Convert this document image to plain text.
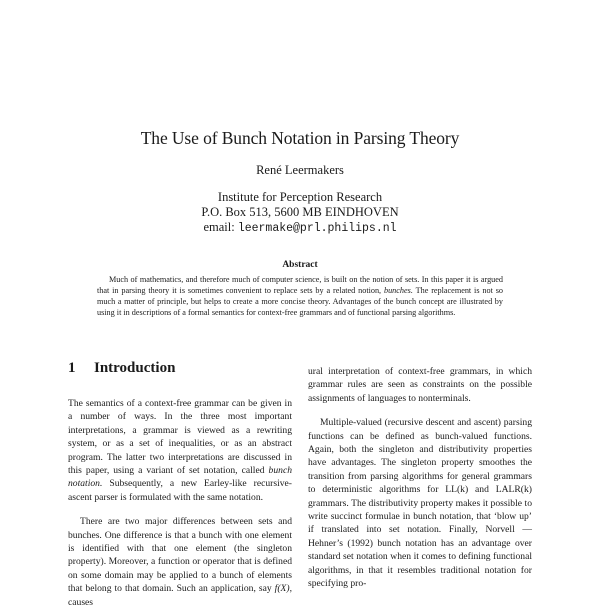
The Use of Bunch Notation in Parsing Theory
René Leermakers
Institute for Perception Research
P.O. Box 513, 5600 MB EINDHOVEN
email: leermake@prl.philips.nl
Abstract

Much of mathematics, and therefore much of computer science, is built on the notion of sets. In this paper it is argued that in parsing theory it is sometimes convenient to replace sets by a related notion, bunches. The replacement is not so much a matter of principle, but helps to create a more concise theory. Advantages of the bunch concept are illustrated by using it in descriptions of a formal semantics for context-free grammars and of functional parsing algorithms.

1 Introduction

The semantics of a context-free grammar can be given in a number of ways. In the three most important interpretations, a grammar is viewed as a rewriting system, or as a set of inequalities, or as an abstract program. The latter two interpretations are discussed in this paper, using a variant of set notation, called bunch notation. Subsequently, a new Earley-like recursive-ascent parser is formulated with the same notation.

There are two major differences between sets and bunches. One difference is that a bunch with one element is identified with that one element (the singleton property). Moreover, a function or operator that is defined on some domain may be applied to a bunch of elements that belong to that domain. Such an application, say f(X), causes

ural interpretation of context-free grammars, in which grammar rules are seen as constraints on the possible assignments of languages to nonterminals.

Multiple-valued (recursive descent and ascent) parsing functions can be defined as bunch-valued functions. Again, both the singleton and distributivity properties have advantages. The singleton property smoothes the transition from parsing algorithms for general grammars to deterministic algorithms for LL(k) and LALR(k) grammars. The distributivity property makes it possible to write succinct formulae in bunch notation, that ‘blow up’ if translated into set notation. Finally, Norvell — Hehner’s (1992) bunch notation has an advantage over standard set notation when it comes to defining functional algorithms, in that it resembles traditional notation for specifying pro-
